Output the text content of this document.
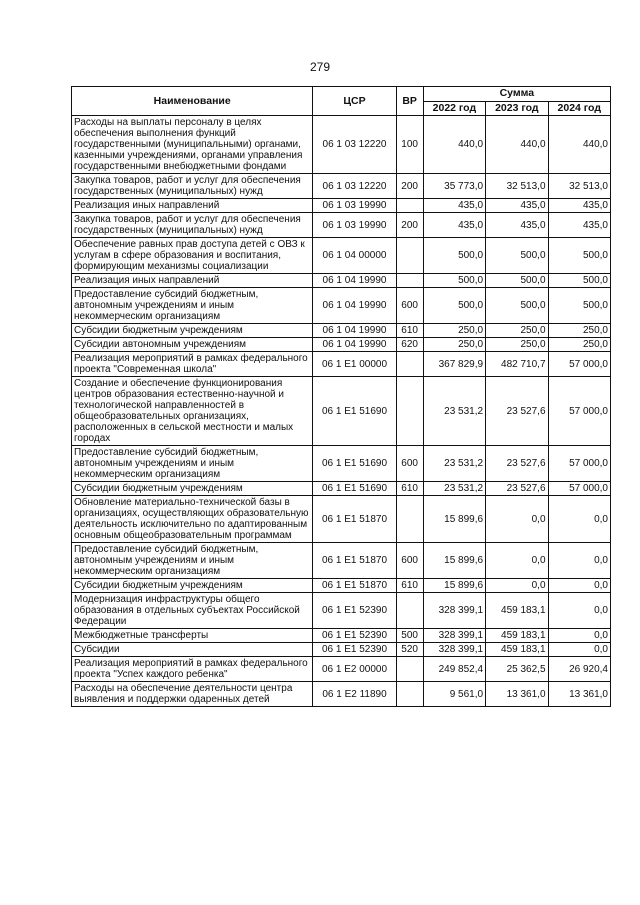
279
Наименование	ЦСР	ВР	Сумма		
			2022 год	2023 год	2024 год
Расходы на выплаты персоналу в целях обеспечения выполнения функций государственными (муниципальными) органами, казенными учреждениями, органами управления государственными внебюджетными фондами	06 1 03 12220	100	440,0	440,0	440,0
Закупка товаров, работ и услуг для обеспечения государственных (муниципальных) нужд	06 1 03 12220	200	35 773,0	32 513,0	32 513,0
Реализация иных направлений	06 1 03 19990		435,0	435,0	435,0
Закупка товаров, работ и услуг для обеспечения государственных (муниципальных) нужд	06 1 03 19990	200	435,0	435,0	435,0
Обеспечение равных прав доступа детей с ОВЗ к услугам в сфере образования и воспитания, формирующим механизмы социализации	06 1 04 00000		500,0	500,0	500,0
Реализация иных направлений	06 1 04 19990		500,0	500,0	500,0
Предоставление субсидий бюджетным, автономным учреждениям и иным некоммерческим организациям	06 1 04 19990	600	500,0	500,0	500,0
Субсидии бюджетным учреждениям	06 1 04 19990	610	250,0	250,0	250,0
Субсидии автономным учреждениям	06 1 04 19990	620	250,0	250,0	250,0
Реализация мероприятий в рамках федерального проекта "Современная школа"	06 1 E1 00000		367 829,9	482 710,7	57 000,0
Создание и обеспечение функционирования центров образования естественно-научной и технологической направленностей в общеобразовательных организациях, расположенных в сельской местности и малых городах	06 1 E1 51690		23 531,2	23 527,6	57 000,0
Предоставление субсидий бюджетным, автономным учреждениям и иным некоммерческим организациям	06 1 E1 51690	600	23 531,2	23 527,6	57 000,0
Субсидии бюджетным учреждениям	06 1 E1 51690	610	23 531,2	23 527,6	57 000,0
Обновление материально-технической базы в организациях, осуществляющих образовательную деятельность исключительно по адаптированным основным общеобразовательным программам	06 1 E1 51870		15 899,6	0,0	0,0
Предоставление субсидий бюджетным, автономным учреждениям и иным некоммерческим организациям	06 1 E1 51870	600	15 899,6	0,0	0,0
Субсидии бюджетным учреждениям	06 1 E1 51870	610	15 899,6	0,0	0,0
Модернизация инфраструктуры общего образования в отдельных субъектах Российской Федерации	06 1 E1 52390		328 399,1	459 183,1	0,0
Межбюджетные трансферты	06 1 E1 52390	500	328 399,1	459 183,1	0,0
Субсидии	06 1 E1 52390	520	328 399,1	459 183,1	0,0
Реализация мероприятий в рамках федерального проекта "Успех каждого ребенка"	06 1 E2 00000		249 852,4	25 362,5	26 920,4
Расходы на обеспечение деятельности центра выявления и поддержки одаренных детей	06 1 E2 11890		9 561,0	13 361,0	13 361,0
